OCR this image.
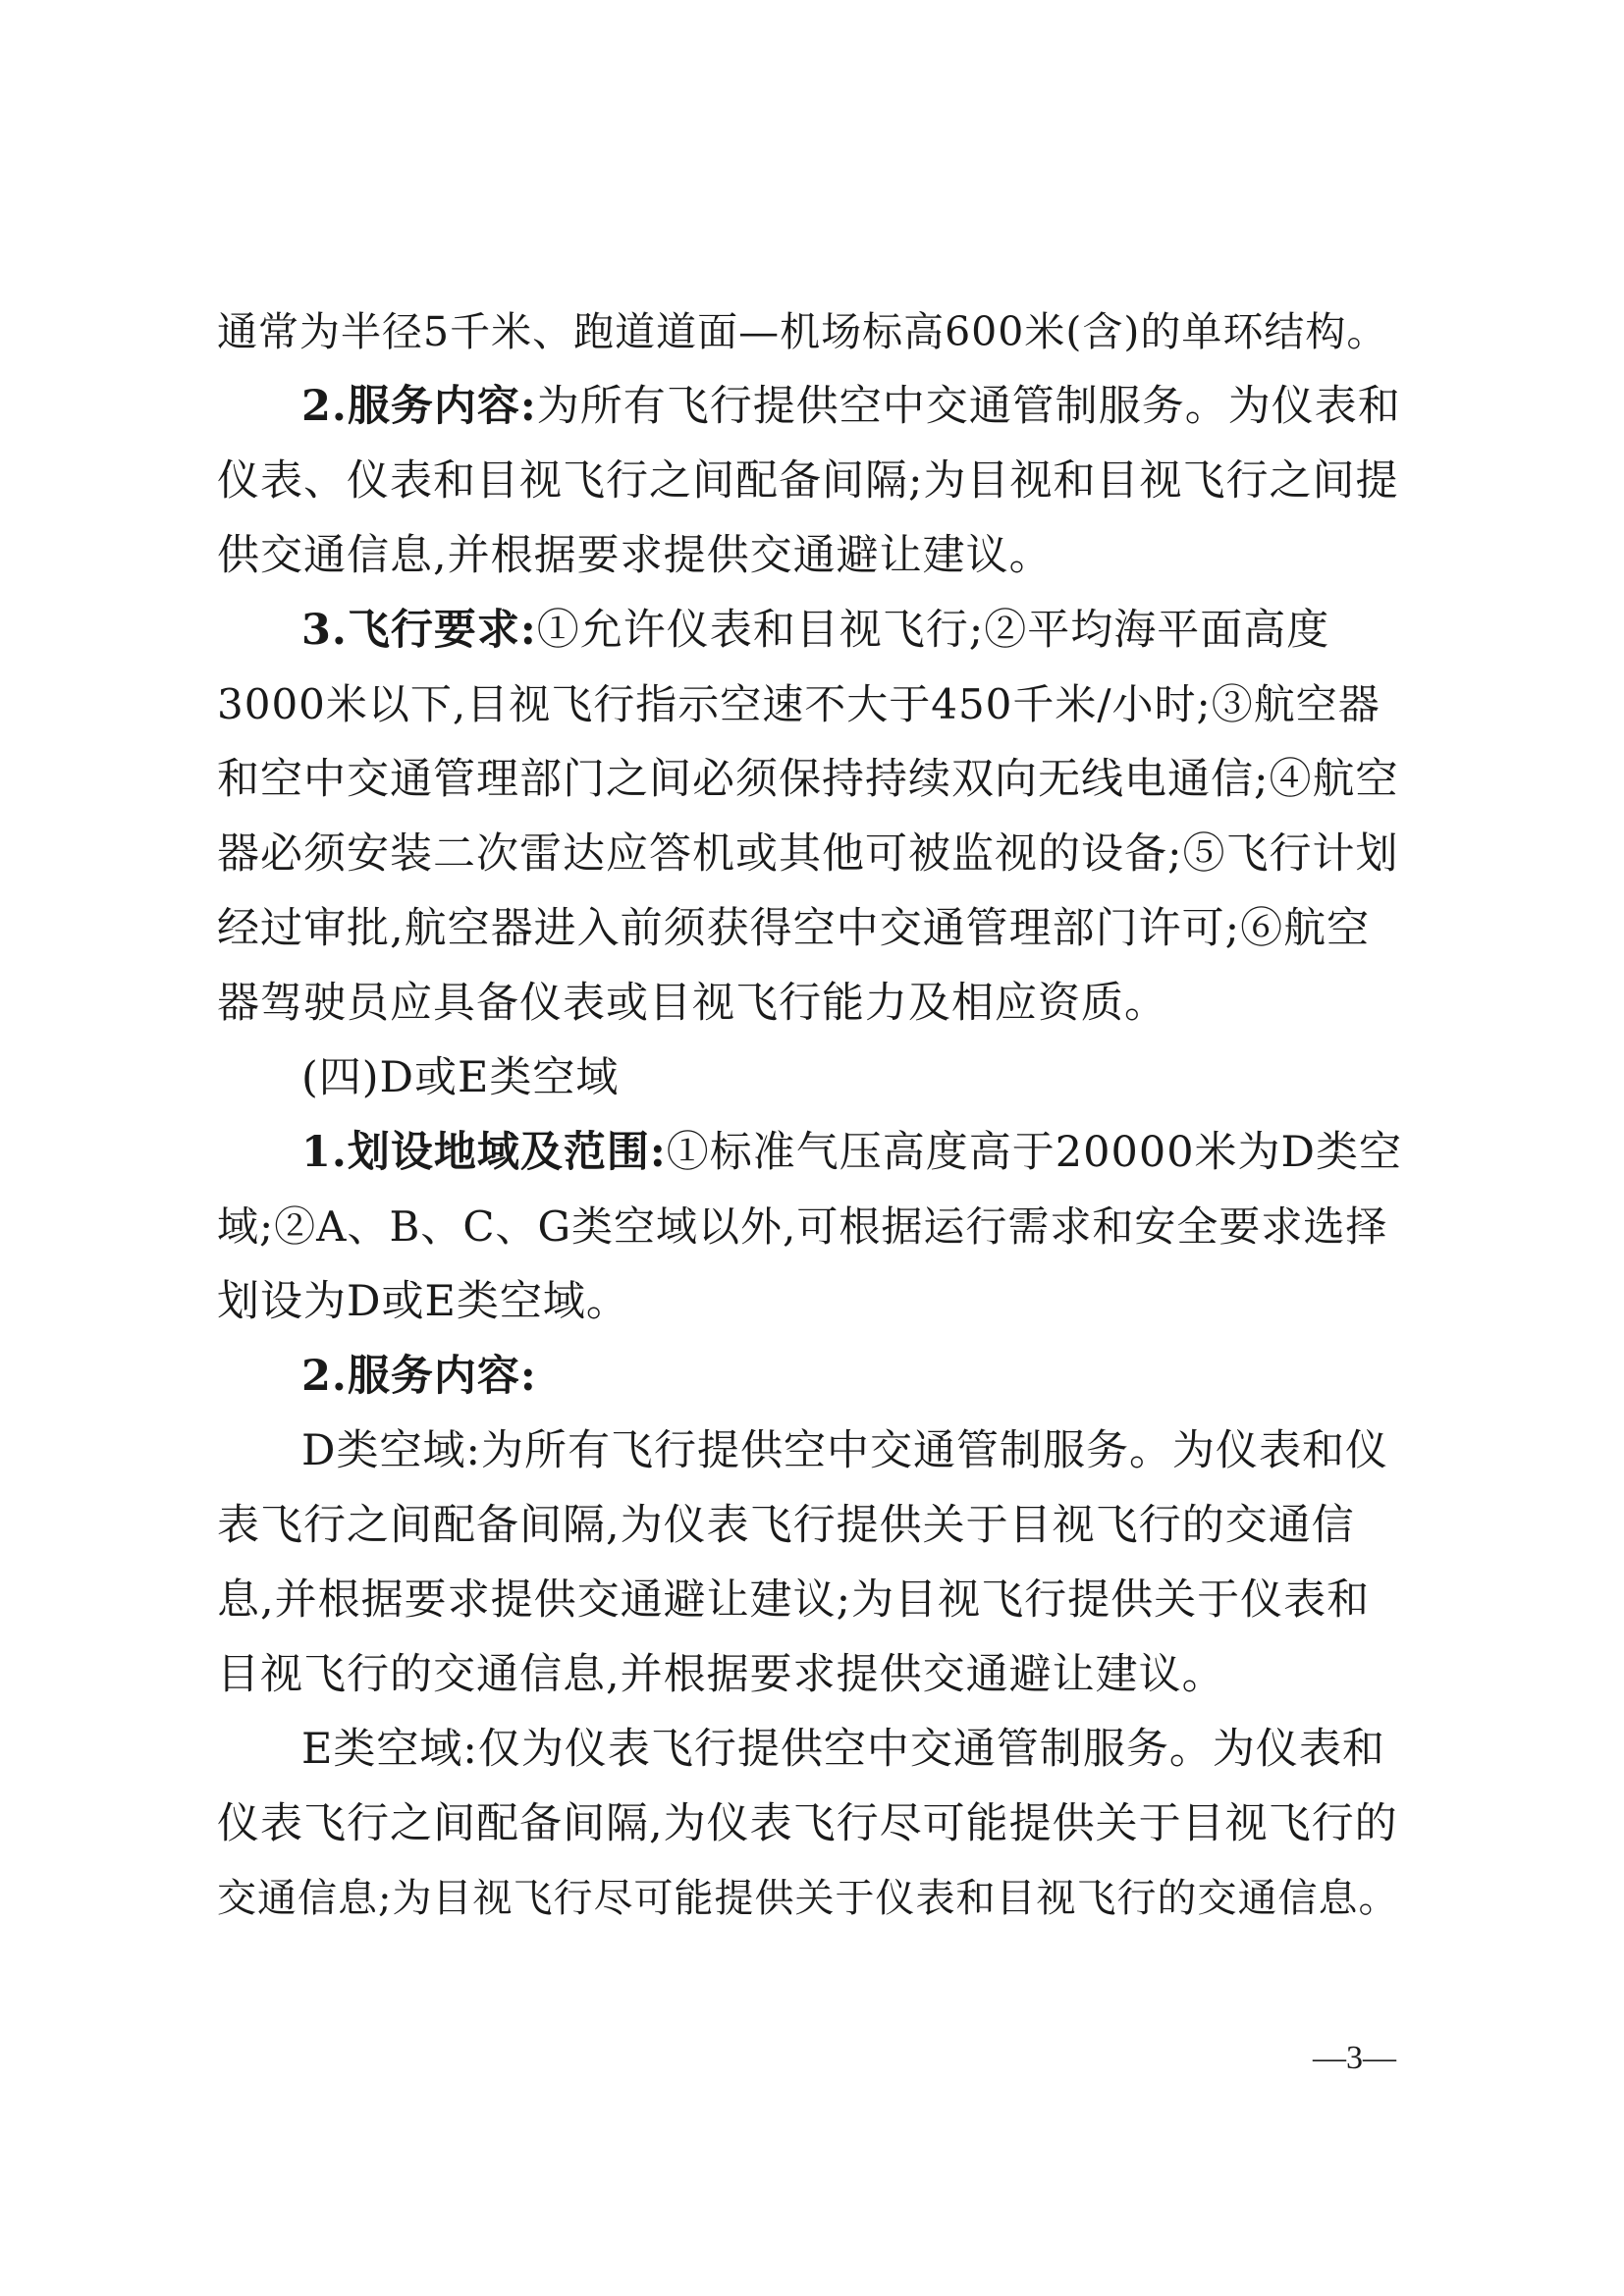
通常为半径5千米、跑道道面—机场标高600米(含)的单环结构。
2.服务内容:为所有飞行提供空中交通管制服务。为仪表和
仪表、仪表和目视飞行之间配备间隔;为目视和目视飞行之间提
供交通信息,并根据要求提供交通避让建议。
3.飞行要求:①允许仪表和目视飞行;②平均海平面高度
3000米以下,目视飞行指示空速不大于450千米/小时;③航空器
和空中交通管理部门之间必须保持持续双向无线电通信;④航空
器必须安装二次雷达应答机或其他可被监视的设备;⑤飞行计划
经过审批,航空器进入前须获得空中交通管理部门许可;⑥航空
器驾驶员应具备仪表或目视飞行能力及相应资质。
(四)D或E类空域
1.划设地域及范围:①标准气压高度高于20000米为D类空
域;②A、B、C、G类空域以外,可根据运行需求和安全要求选择
划设为D或E类空域。
2.服务内容:
D类空域:为所有飞行提供空中交通管制服务。为仪表和仪
表飞行之间配备间隔,为仪表飞行提供关于目视飞行的交通信
息,并根据要求提供交通避让建议;为目视飞行提供关于仪表和
目视飞行的交通信息,并根据要求提供交通避让建议。
E类空域:仅为仪表飞行提供空中交通管制服务。为仪表和
仪表飞行之间配备间隔,为仪表飞行尽可能提供关于目视飞行的
交通信息;为目视飞行尽可能提供关于仪表和目视飞行的交通信息。
—3—
